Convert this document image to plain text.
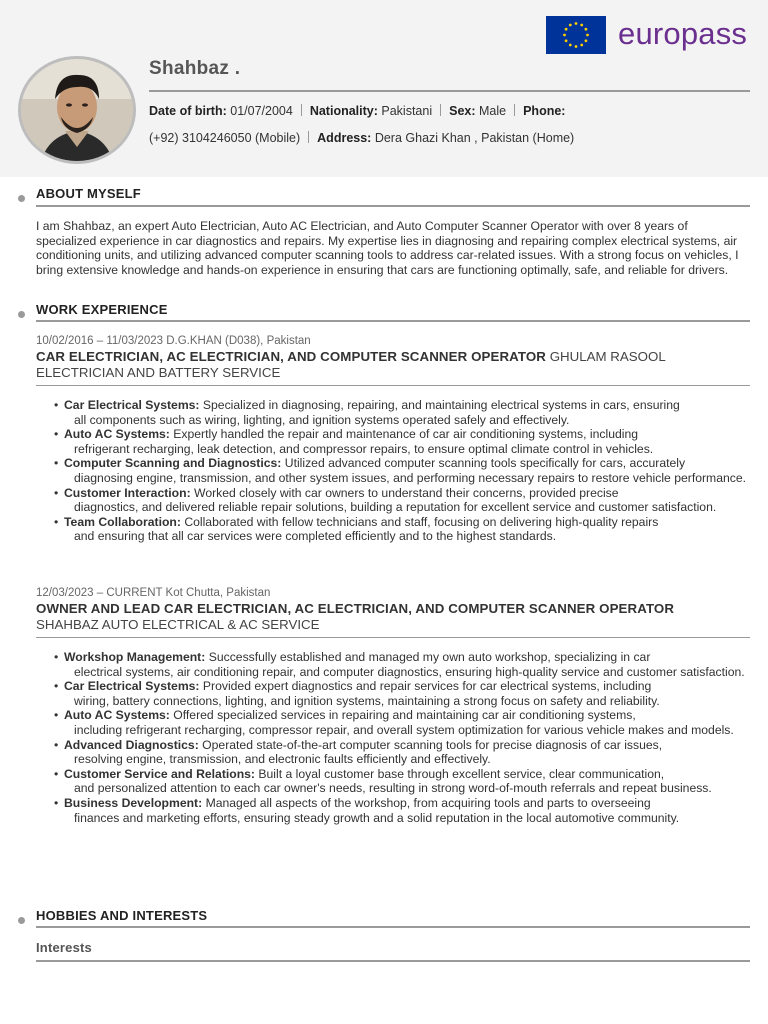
europass
Shahbaz .
Date of birth: 01/07/2004 Nationality: Pakistani Sex: Male Phone:
(+92) 3104246050 (Mobile) Address: Dera Ghazi Khan , Pakistan (Home)
ABOUT MYSELF
I am Shahbaz, an expert Auto Electrician, Auto AC Electrician, and Auto Computer Scanner Operator with over 8 years of specialized experience in car diagnostics and repairs. My expertise lies in diagnosing and repairing complex electrical systems, air conditioning units, and utilizing advanced computer scanning tools to address car-related issues. With a strong focus on vehicles, I bring extensive knowledge and hands-on experience in ensuring that cars are functioning optimally, safe, and reliable for drivers.
WORK EXPERIENCE
10/02/2016 – 11/03/2023 D.G.KHAN (D038), Pakistan
CAR ELECTRICIAN, AC ELECTRICIAN, AND COMPUTER SCANNER OPERATOR GHULAM RASOOL ELECTRICIAN AND BATTERY SERVICE
• Car Electrical Systems: Specialized in diagnosing, repairing, and maintaining electrical systems in cars, ensuring
all components such as wiring, lighting, and ignition systems operated safely and effectively.
• Auto AC Systems: Expertly handled the repair and maintenance of car air conditioning systems, including
refrigerant recharging, leak detection, and compressor repairs, to ensure optimal climate control in vehicles.
• Computer Scanning and Diagnostics: Utilized advanced computer scanning tools specifically for cars, accurately
diagnosing engine, transmission, and other system issues, and performing necessary repairs to restore vehicle performance.
• Customer Interaction: Worked closely with car owners to understand their concerns, provided precise
diagnostics, and delivered reliable repair solutions, building a reputation for excellent service and customer satisfaction.
• Team Collaboration: Collaborated with fellow technicians and staff, focusing on delivering high-quality repairs
and ensuring that all car services were completed efficiently and to the highest standards.
12/03/2023 – CURRENT Kot Chutta, Pakistan
OWNER AND LEAD CAR ELECTRICIAN, AC ELECTRICIAN, AND COMPUTER SCANNER OPERATOR
SHAHBAZ AUTO ELECTRICAL & AC SERVICE
• Workshop Management: Successfully established and managed my own auto workshop, specializing in car
electrical systems, air conditioning repair, and computer diagnostics, ensuring high-quality service and customer satisfaction.
• Car Electrical Systems: Provided expert diagnostics and repair services for car electrical systems, including
wiring, battery connections, lighting, and ignition systems, maintaining a strong focus on safety and reliability.
• Auto AC Systems: Offered specialized services in repairing and maintaining car air conditioning systems,
including refrigerant recharging, compressor repair, and overall system optimization for various vehicle makes and models.
• Advanced Diagnostics: Operated state-of-the-art computer scanning tools for precise diagnosis of car issues,
resolving engine, transmission, and electronic faults efficiently and effectively.
• Customer Service and Relations: Built a loyal customer base through excellent service, clear communication,
and personalized attention to each car owner's needs, resulting in strong word-of-mouth referrals and repeat business.
• Business Development: Managed all aspects of the workshop, from acquiring tools and parts to overseeing
finances and marketing efforts, ensuring steady growth and a solid reputation in the local automotive community.
HOBBIES AND INTERESTS
Interests
